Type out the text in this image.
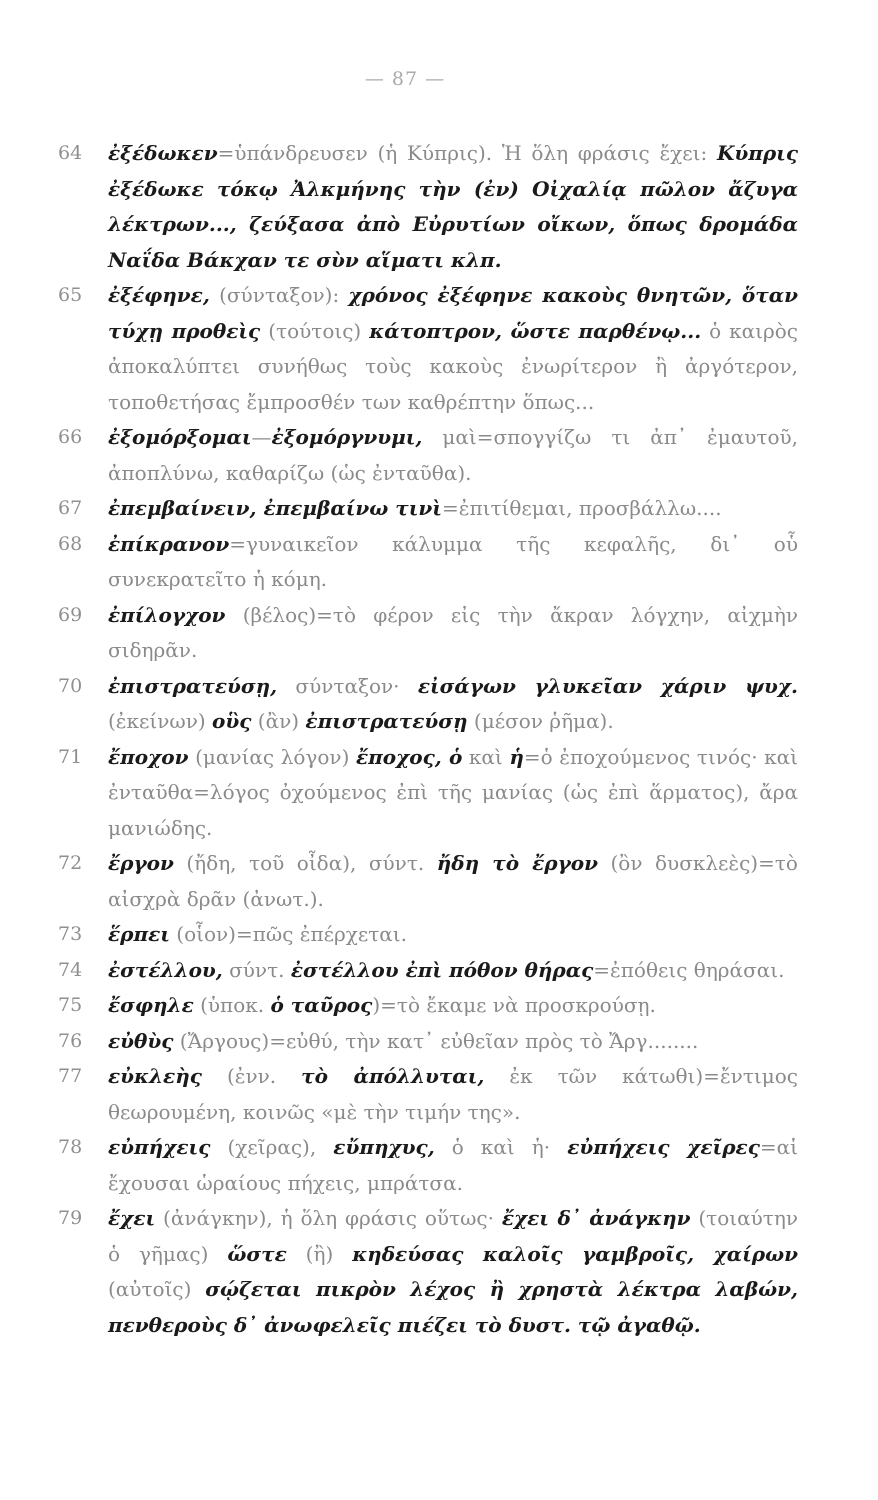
— 87 —

64	ἐξέδωκεν=ὑπάνδρευσεν (ἡ Κύπρις). Ἡ ὅλη φράσις ἔχει: Κύπρις ἐξέδωκε τόκῳ Ἀλκμήνης τὴν (ἐν) Οἰχαλίᾳ πῶλον ἄζυγα λέκτρων..., ζεύξασα ἀπὸ Εὐρυτίων οἴκων, ὅπως δρομάδα Ναΐδα Βάκχαν τε σὺν αἵματι κλπ.

65	ἐξέφηνε, (σύνταξον): χρόνος ἐξέφηνε κακοὺς θνητῶν, ὅταν τύχῃ προθεὶς (τούτοις) κάτοπτρον, ὥστε παρθένῳ... ὁ καιρὸς ἀποκαλύπτει συνήθως τοὺς κακοὺς ἐνωρίτερον ἢ ἀργότερον, τοποθετήσας ἔμπροσθέν των καθρέπτην ὅπως...

66	ἐξομόρξομαι—ἐξομόργνυμι, μαὶ=σπογγίζω τι ἀπ᾽ ἐμαυτοῦ, ἀποπλύνω, καθαρίζω (ὡς ἐνταῦθα).

67	ἐπεμβαίνειν, ἐπεμβαίνω τινὶ=ἐπιτίθεμαι, προσβάλλω....

68	ἐπίκρανον=γυναικεῖον κάλυμμα τῆς κεφαλῆς, δι᾽ οὗ συνεκρατεῖτο ἡ κόμη.

69	ἐπίλογχον (βέλος)=τὸ φέρον εἰς τὴν ἄκραν λόγχην, αἰχμὴν σιδηρᾶν.

70	ἐπιστρατεύσῃ, σύνταξον· εἰσάγων γλυκεῖαν χάριν ψυχ. (ἐκείνων) οὓς (ἂν) ἐπιστρατεύσῃ (μέσον ῥῆμα).

71	ἔποχον (μανίας λόγον) ἔποχος, ὁ καὶ ἡ=ὁ ἐποχούμενος τινός· καὶ ἐνταῦθα=λόγος ὀχούμενος ἐπὶ τῆς μανίας (ὡς ἐπὶ ἅρματος), ἄρα μανιώδης.

72	ἔργον (ἤδη, τοῦ οἶδα), σύντ. ἤδη τὸ ἔργον (ὂν δυσκλεὲς)=τὸ αἰσχρὰ δρᾶν (ἀνωτ.).

73	ἕρπει (οἷον)=πῶς ἐπέρχεται.

74	ἐστέλλου, σύντ. ἐστέλλου ἐπὶ πόθον θήρας=ἐπόθεις θηράσαι.

75	ἔσφηλε (ὑποκ. ὁ ταῦρος)=τὸ ἔκαμε νὰ προσκρούσῃ.

76	εὐθὺς (Ἄργους)=εὐθύ, τὴν κατ᾽ εὐθεῖαν πρὸς τὸ Ἄργ........

77	εὐκλεὴς (ἐνν. τὸ ἀπόλλυται, ἐκ τῶν κάτωθι)=ἔντιμος θεωρουμένη, κοινῶς «μὲ τὴν τιμήν της».

78	εὐπήχεις (χεῖρας), εὔπηχυς, ὁ καὶ ἡ· εὐπήχεις χεῖρες=αἱ ἔχουσαι ὡραίους πήχεις, μπράτσα.

79	ἔχει (ἀνάγκην), ἡ ὅλη φράσις οὕτως· ἔχει δ᾽ ἀνάγκην (τοιαύτην ὁ γῆμας) ὥστε (ἢ) κηδεύσας καλοῖς γαμβροῖς, χαίρων (αὐτοῖς) σῴζεται πικρὸν λέχος ἢ χρηστὰ λέκτρα λαβών, πενθεροὺς δ᾽ ἀνωφελεῖς πιέζει τὸ δυστ. τῷ ἀγαθῷ.
